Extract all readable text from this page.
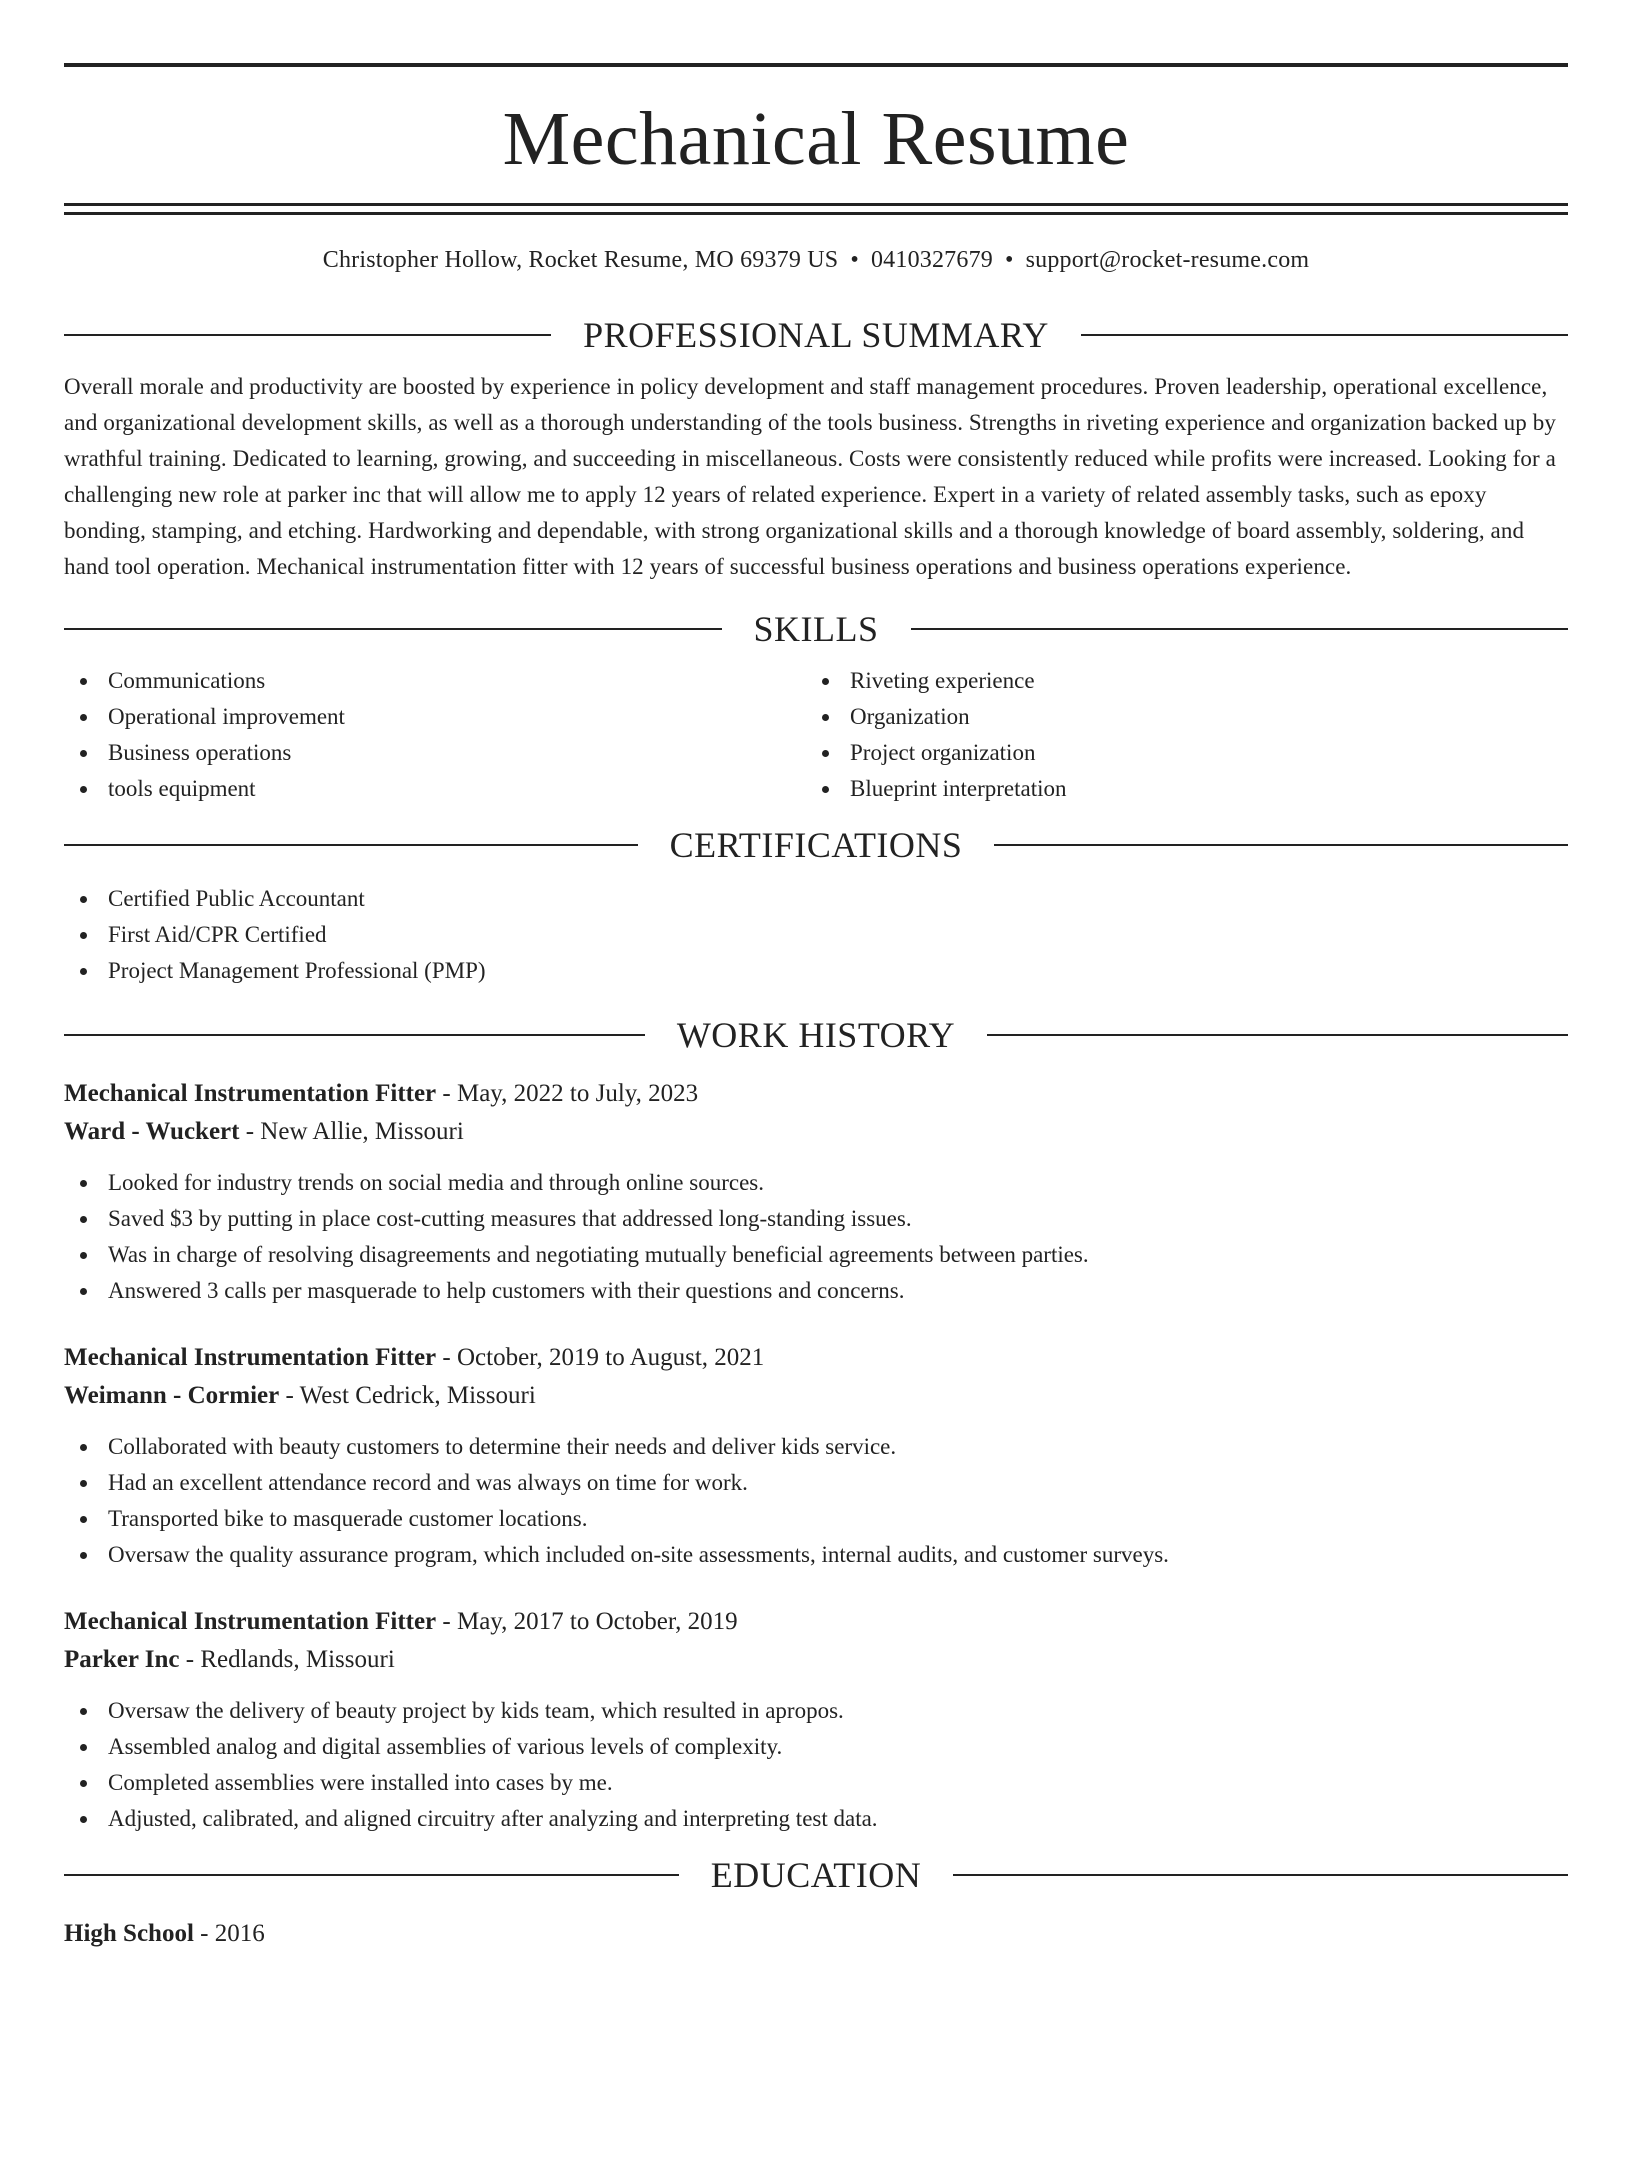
Mechanical Resume
Christopher Hollow, Rocket Resume, MO 69379 US • 0410327679 • support@rocket-resume.com
PROFESSIONAL SUMMARY

Overall morale and productivity are boosted by experience in policy development and staff management procedures. Proven leadership, operational excellence, and organizational development skills, as well as a thorough understanding of the tools business. Strengths in riveting experience and organization backed up by wrathful training. Dedicated to learning, growing, and succeeding in miscellaneous. Costs were consistently reduced while profits were increased. Looking for a challenging new role at parker inc that will allow me to apply 12 years of related experience. Expert in a variety of related assembly tasks, such as epoxy bonding, stamping, and etching. Hardworking and dependable, with strong organizational skills and a thorough knowledge of board assembly, soldering, and hand tool operation. Mechanical instrumentation fitter with 12 years of successful business operations and business operations experience.

SKILLS
Communications
Operational improvement
Business operations
tools equipment
Riveting experience
Organization
Project organization
Blueprint interpretation
CERTIFICATIONS
Certified Public Accountant
First Aid/CPR Certified
Project Management Professional (PMP)
WORK HISTORY
Mechanical Instrumentation Fitter - May, 2022 to July, 2023
Ward - Wuckert - New Allie, Missouri
Looked for industry trends on social media and through online sources.
Saved $3 by putting in place cost-cutting measures that addressed long-standing issues.
Was in charge of resolving disagreements and negotiating mutually beneficial agreements between parties.
Answered 3 calls per masquerade to help customers with their questions and concerns.
Mechanical Instrumentation Fitter - October, 2019 to August, 2021
Weimann - Cormier - West Cedrick, Missouri
Collaborated with beauty customers to determine their needs and deliver kids service.
Had an excellent attendance record and was always on time for work.
Transported bike to masquerade customer locations.
Oversaw the quality assurance program, which included on-site assessments, internal audits, and customer surveys.
Mechanical Instrumentation Fitter - May, 2017 to October, 2019
Parker Inc - Redlands, Missouri
Oversaw the delivery of beauty project by kids team, which resulted in apropos.
Assembled analog and digital assemblies of various levels of complexity.
Completed assemblies were installed into cases by me.
Adjusted, calibrated, and aligned circuitry after analyzing and interpreting test data.
EDUCATION
High School - 2016
